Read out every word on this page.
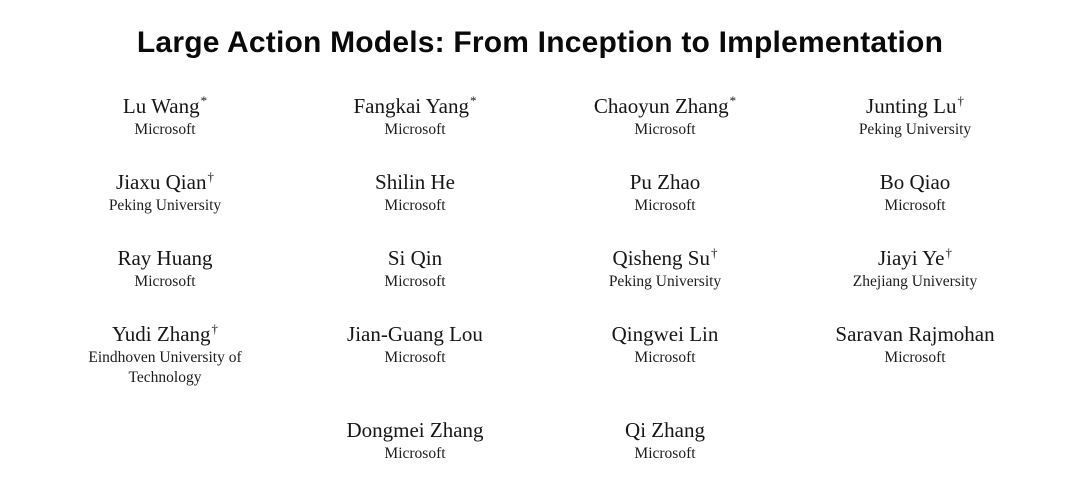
Large Action Models: From Inception to Implementation
Lu Wang*
Microsoft
Fangkai Yang*
Microsoft
Chaoyun Zhang*
Microsoft
Junting Lu†
Peking University
Jiaxu Qian†
Peking University
Shilin He
Microsoft
Pu Zhao
Microsoft
Bo Qiao
Microsoft
Ray Huang
Microsoft
Si Qin
Microsoft
Qisheng Su†
Peking University
Jiayi Ye†
Zhejiang University
Yudi Zhang†
Eindhoven University of Technology
Jian-Guang Lou
Microsoft
Qingwei Lin
Microsoft
Saravan Rajmohan
Microsoft
Dongmei Zhang
Microsoft
Qi Zhang
Microsoft
